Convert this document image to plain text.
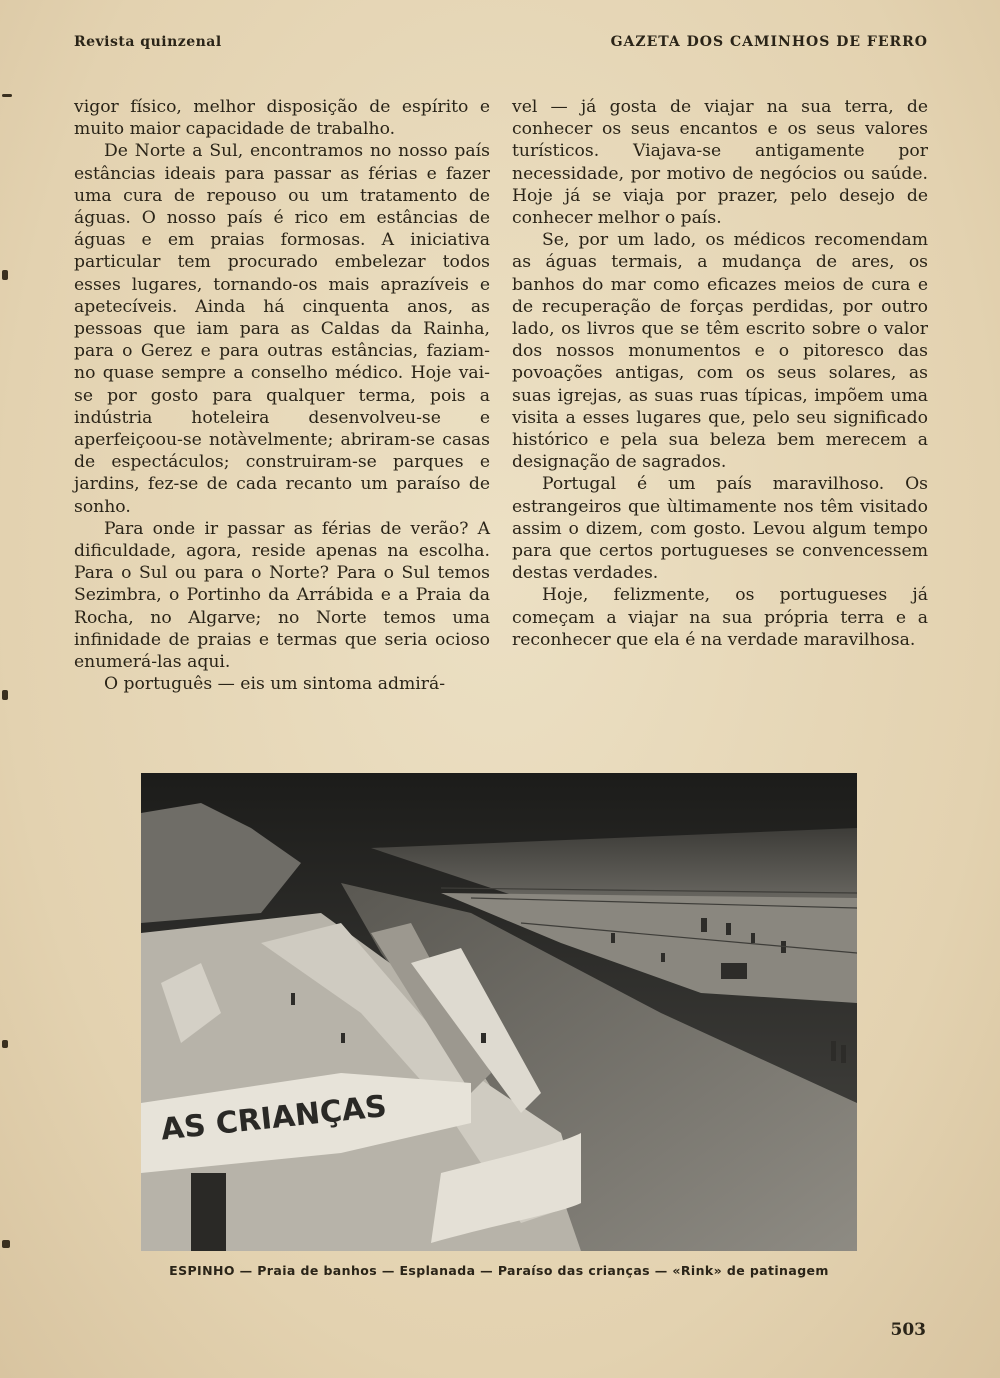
Revista quinzenal	GAZETA DOS CAMINHOS DE FERRO

vigor físico, melhor disposição de espírito e muito maior capacidade de trabalho.

De Norte a Sul, encontramos no nosso país estâncias ideais para passar as férias e fazer uma cura de repouso ou um tratamento de águas. O nosso país é rico em estâncias de águas e em praias formosas. A iniciativa particular tem procurado embelezar todos esses lugares, tornando-os mais aprazíveis e apetecíveis. Ainda há cinquenta anos, as pessoas que iam para as Caldas da Rainha, para o Gerez e para outras estâncias, faziam-no quase sempre a conselho médico. Hoje vai-se por gosto para qualquer terma, pois a indústria hoteleira desenvolveu-se e aperfeiçoou-se notàvelmente; abriram-se casas de espectáculos; construiram-se parques e jardins, fez-se de cada recanto um paraíso de sonho.

Para onde ir passar as férias de verão? A dificuldade, agora, reside apenas na escolha. Para o Sul ou para o Norte? Para o Sul temos Sezimbra, o Portinho da Arrábida e a Praia da Rocha, no Algarve; no Norte temos uma infinidade de praias e termas que seria ocioso enumerá-las aqui.

O português — eis um sintoma admirá-

vel — já gosta de viajar na sua terra, de conhecer os seus encantos e os seus valores turísticos. Viajava-se antigamente por necessidade, por motivo de negócios ou saúde. Hoje já se viaja por prazer, pelo desejo de conhecer melhor o país.

Se, por um lado, os médicos recomendam as águas termais, a mudança de ares, os banhos do mar como eficazes meios de cura e de recuperação de forças perdidas, por outro lado, os livros que se têm escrito sobre o valor dos nossos monumentos e o pitoresco das povoações antigas, com os seus solares, as suas igrejas, as suas ruas típicas, impõem uma visita a esses lugares que, pelo seu significado histórico e pela sua beleza bem merecem a designação de sagrados.

Portugal é um país maravilhoso. Os estrangeiros que ùltimamente nos têm visitado assim o dizem, com gosto. Levou algum tempo para que certos portugueses se convencessem destas verdades.

Hoje, felizmente, os portugueses já começam a viajar na sua própria terra e a reconhecer que ela é na verdade maravilhosa.

AS CRIANÇAS
ESPINHO — Praia de banhos — Esplanada — Paraíso das crianças — «Rink» de patinagem
503
